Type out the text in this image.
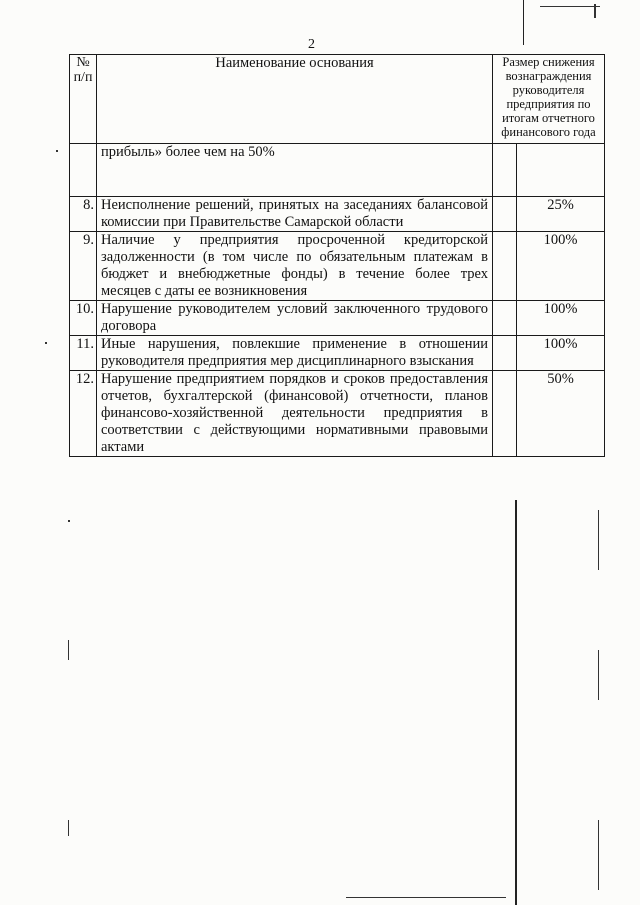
2
№ п/п	Наименование основания	Размер снижения вознаграждения руководителя предприятия по итогам отчетного финансового года	
	прибыль» более чем на 50%		
8.	Неисполнение решений, принятых на заседаниях балансовой комиссии при Правительстве Самарской области		25%
9.	Наличие у предприятия просроченной кредиторской задолженности (в том числе по обязательным платежам в бюджет и внебюджетные фонды) в течение более трех месяцев с даты ее возникновения		100%
10.	Нарушение руководителем условий заключенного трудового договора		100%
11.	Иные нарушения, повлекшие применение в отношении руководителя предприятия мер дисциплинарного взыскания		100%
12.	Нарушение предприятием порядков и сроков предоставления отчетов, бухгалтерской (финансовой) отчетности, планов финансово-хозяйственной деятельности предприятия в соответствии с действующими нормативными правовыми актами		50%
